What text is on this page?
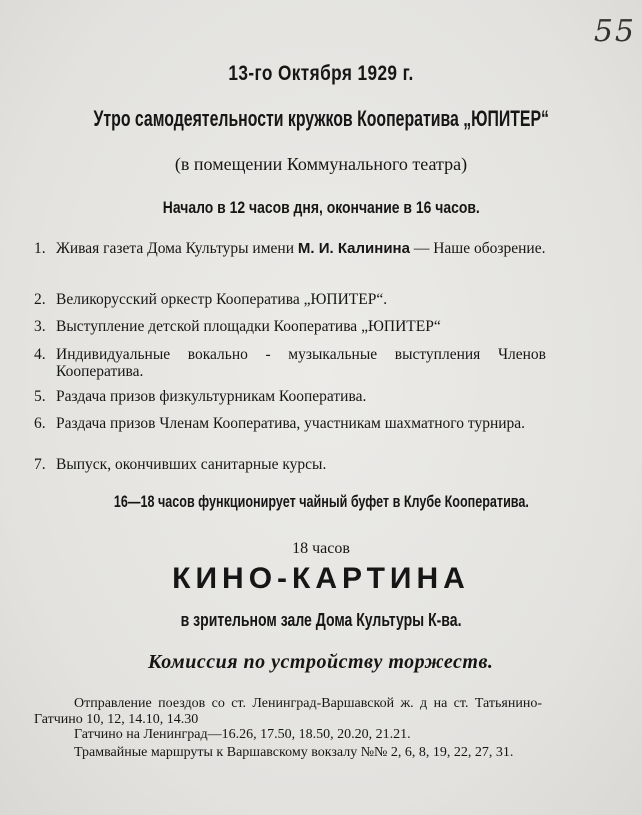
55
13-го Октября 1929 г.
Утро самодеятельности кружков Кооператива „ЮПИТЕР“
(в помещении Коммунального театра)
Начало в 12 часов дня, окончание в 16 часов.
1. Живая газета Дома Культуры имени М. И. Калинина — Наше обозрение.
2. Великорусский оркестр Кооператива „ЮПИТЕР“.
3. Выступление детской площадки Кооператива „ЮПИТЕР“
4. Индивидуальные вокально - музыкальные выступления Членов Кооператива.
5. Раздача призов физкультурникам Кооператива.
6. Раздача призов Членам Кооператива, участникам шахматного турнира.
7. Выпуск, окончивших санитарные курсы.
16—18 часов функционирует чайный буфет в Клубе Кооператива.
18 часов
КИНО-КАРТИНА
в зрительном зале Дома Культуры К-ва.
Комиссия по устройству торжеств.

Отправление поездов со ст. Ленинград-Варшавской ж. д на ст. Татьянино-Гатчино 10, 12, 14.10, 14.30

Гатчино на Ленинград—16.26, 17.50, 18.50, 20.20, 21.21.

Трамвайные маршруты к Варшавскому вокзалу №№ 2, 6, 8, 19, 22, 27, 31.
